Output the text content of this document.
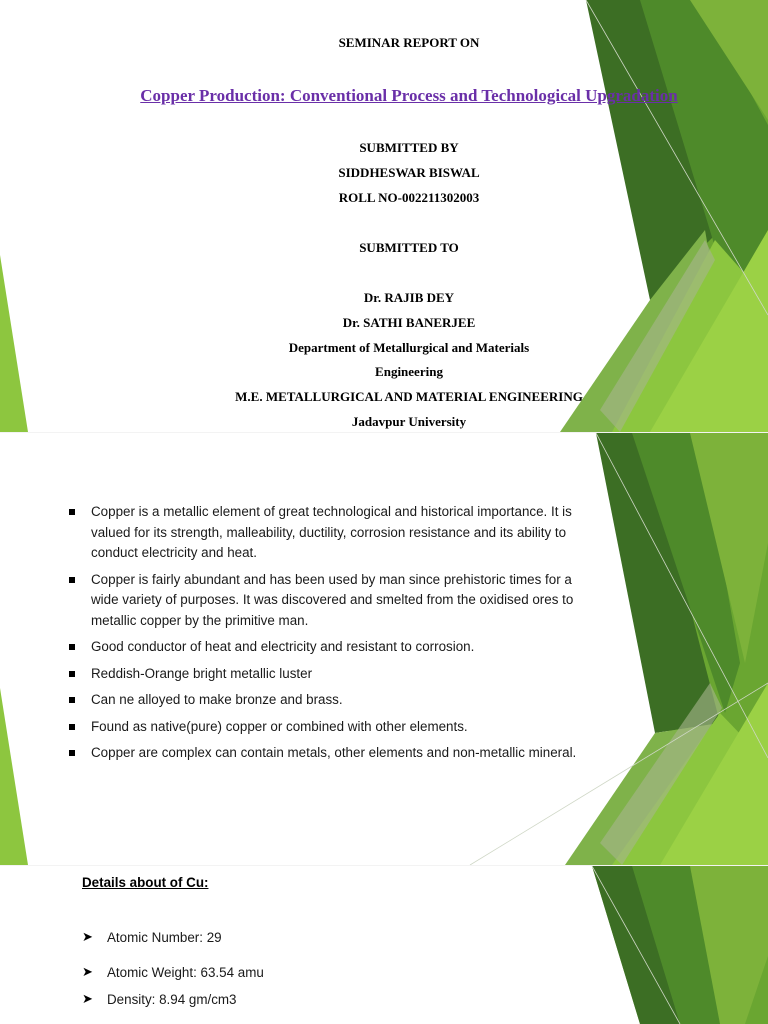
SEMINAR REPORT ON
Copper Production: Conventional Process and Technological Upgradation
SUBMITTED BY
SIDDHESWAR BISWAL
ROLL NO-002211302003
SUBMITTED TO
Dr. RAJIB DEY
Dr. SATHI BANERJEE
Department of Metallurgical and Materials
Engineering
M.E. METALLURGICAL AND MATERIAL ENGINEERING
Jadavpur University
Copper is a metallic element of great technological and historical importance. It is valued for its strength, malleability, ductility, corrosion resistance and its ability to conduct electricity and heat.
Copper is fairly abundant and has been used by man since prehistoric times for a wide variety of purposes. It was discovered and smelted from the oxidised ores to metallic copper by the primitive man.
Good conductor of heat and electricity and resistant to corrosion.
Reddish-Orange bright metallic luster
Can ne alloyed to make bronze and brass.
Found as native(pure) copper or combined with other elements.
Copper are complex can contain metals, other elements and non-metallic mineral.
Details about of Cu:
➤ Atomic Number: 29
➤ Atomic Weight: 63.54 amu
➤ Density: 8.94 gm/cm3
